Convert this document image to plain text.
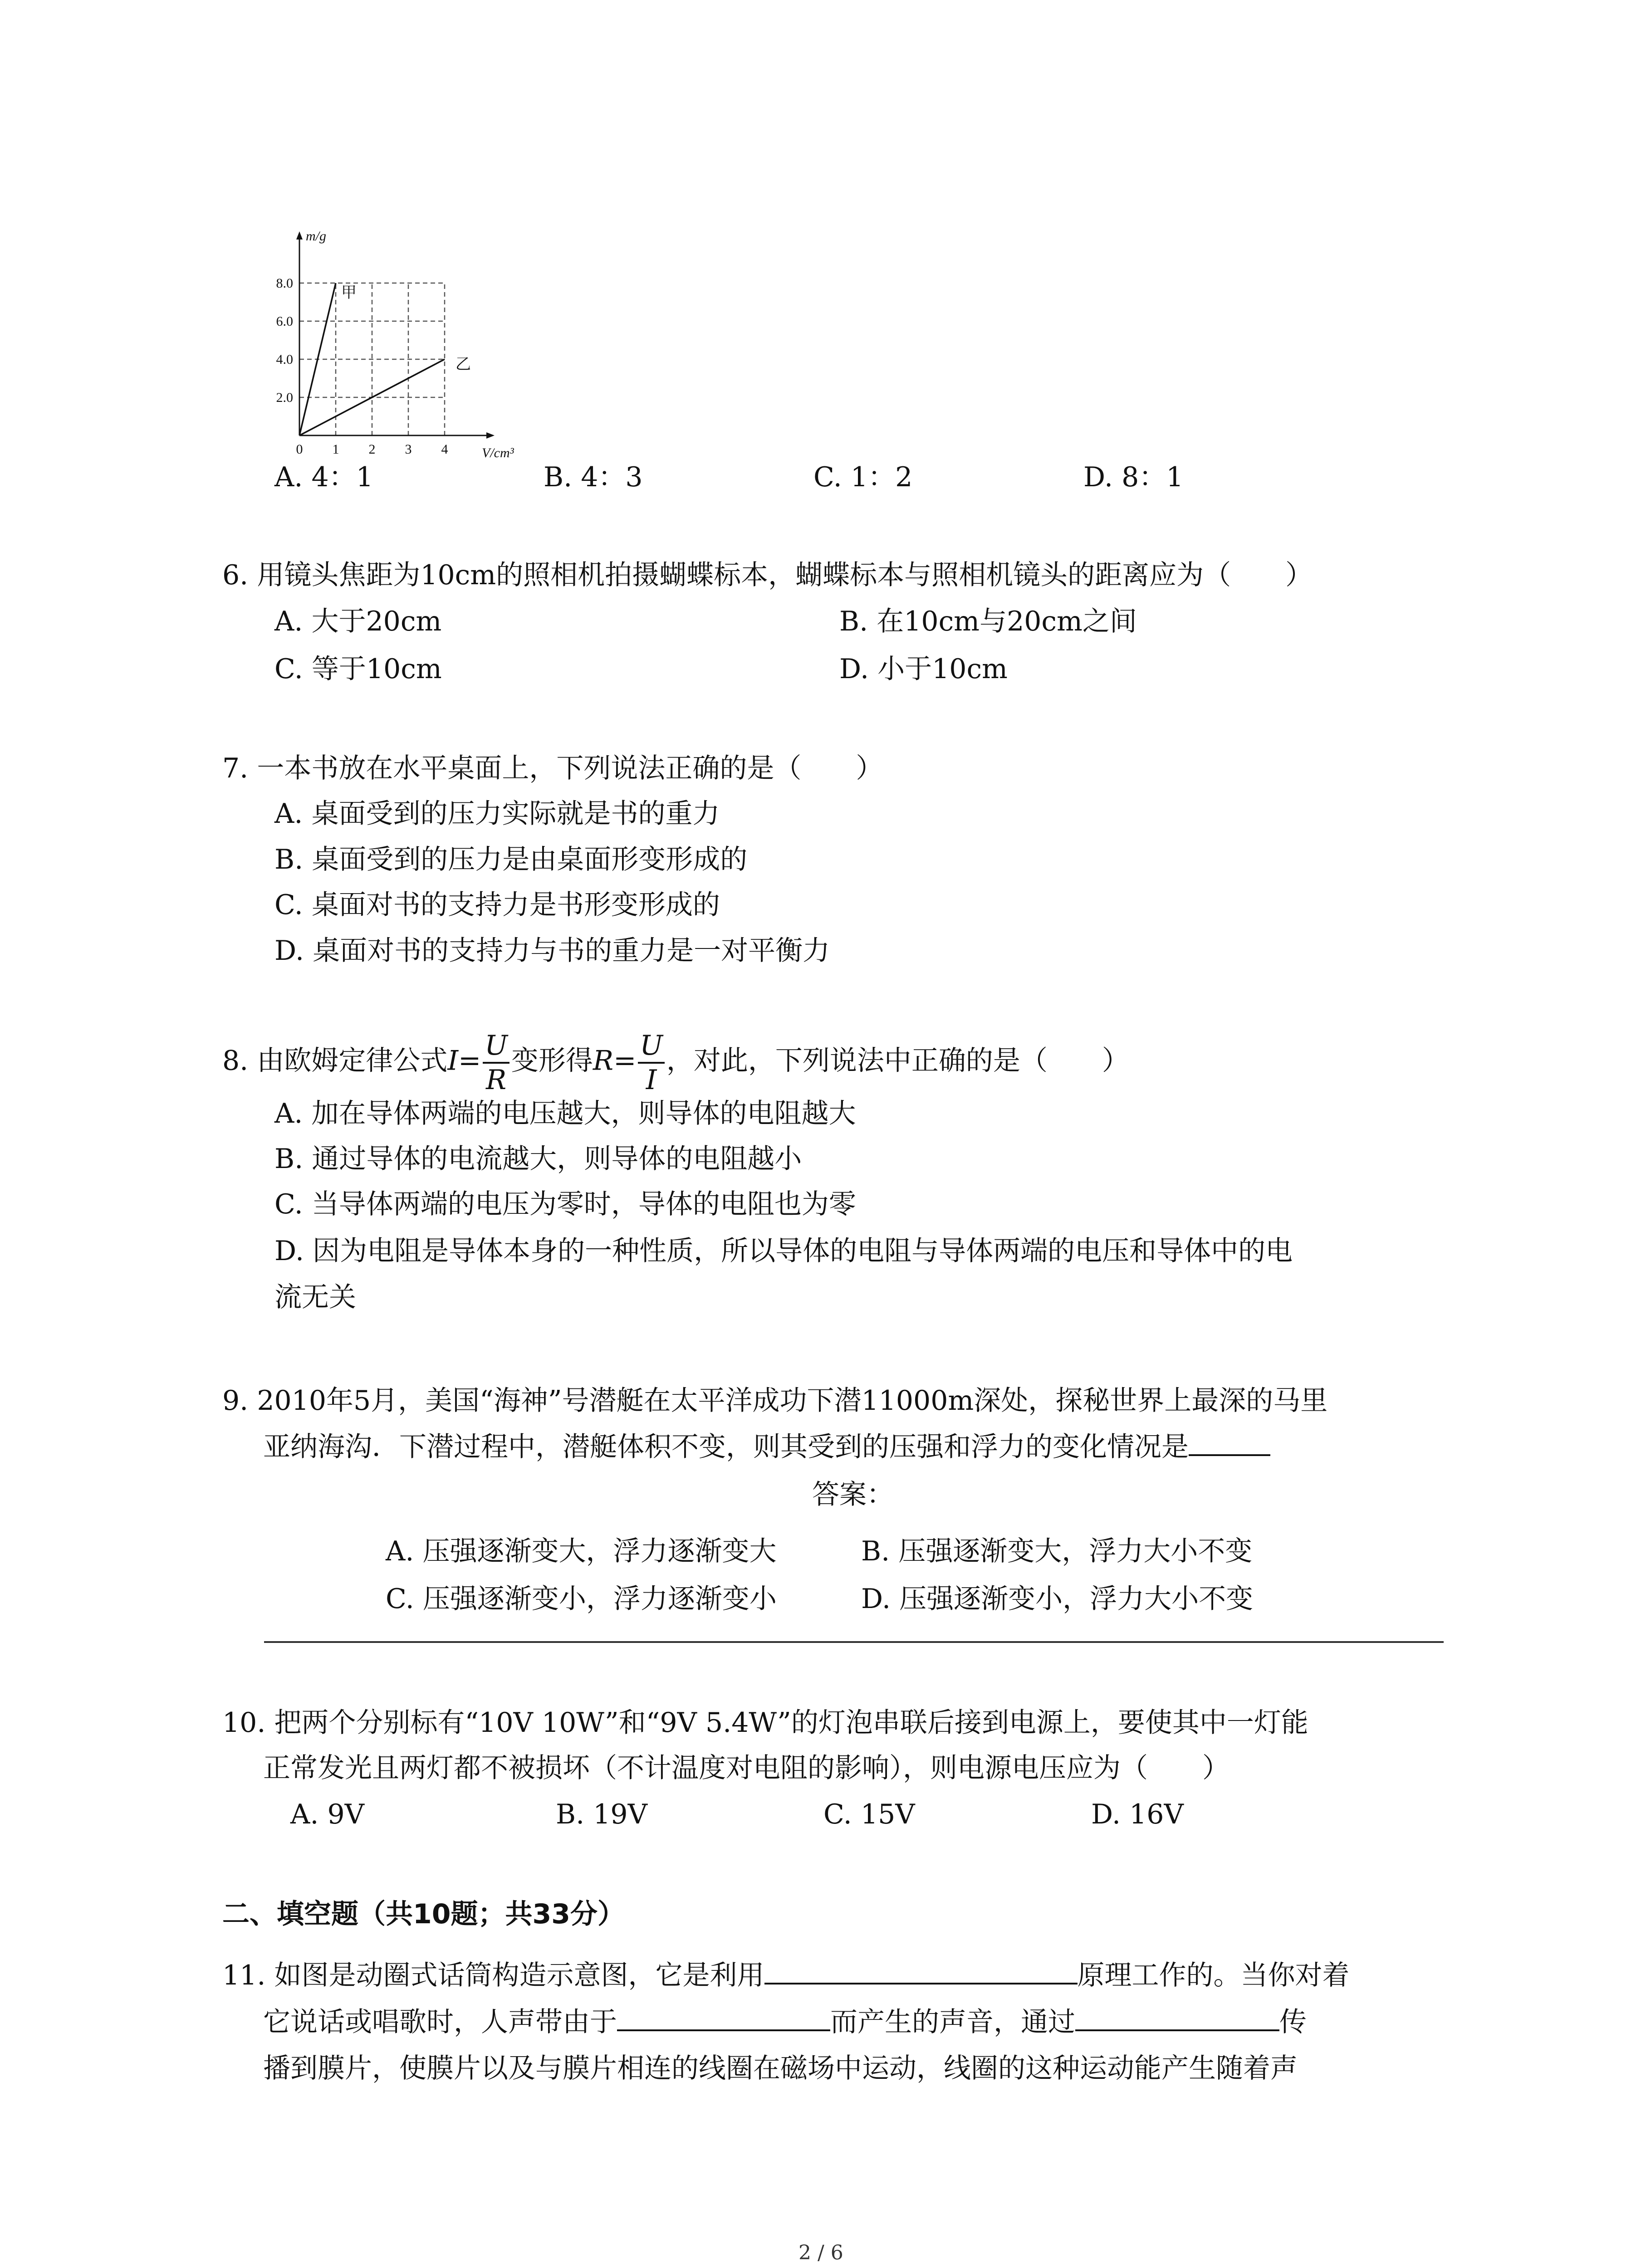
0 1 2 3 4
2.0
4.0
6.0
8.0
V/cm³
m/g
甲
乙
A. 4：1	B. 4：3	C. 1：2	D. 8：1
6. 用镜头焦距为10cm的照相机拍摄蝴蝶标本，蝴蝶标本与照相机镜头的距离应为（　　）
A. 大于20cm	B. 在10cm与20cm之间
C. 等于10cm	D. 小于10cm
7. 一本书放在水平桌面上，下列说法正确的是（　　）
A. 桌面受到的压力实际就是书的重力
B. 桌面受到的压力是由桌面形变形成的
C. 桌面对书的支持力是书形变形成的
D. 桌面对书的支持力与书的重力是一对平衡力
8. 由欧姆定律公式$I= \frac{U}{R}$ 变形得$R= \frac{U}{I}$ ，对此，下列说法中正确的是（　　）
A. 加在导体两端的电压越大，则导体的电阻越大
B. 通过导体的电流越大，则导体的电阻越小
C. 当导体两端的电压为零时，导体的电阻也为零
D. 因为电阻是导体本身的一种性质，所以导体的电阻与导体两端的电压和导体中的电
流无关
9. 2010年5月，美国“海神”号潜艇在太平洋成功下潜11000m深处，探秘世界上最深的马里
亚纳海沟．下潜过程中，潜艇体积不变，则其受到的压强和浮力的变化情况是
答案：
A. 压强逐渐变大，浮力逐渐变大	B. 压强逐渐变大，浮力大小不变
C. 压强逐渐变小，浮力逐渐变小	D. 压强逐渐变小，浮力大小不变
10. 把两个分别标有“10V 10W”和“9V 5.4W”的灯泡串联后接到电源上，要使其中一灯能
正常发光且两灯都不被损坏（不计温度对电阻的影响），则电源电压应为（　　）
A. 9V	B. 19V	C. 15V	D. 16V
二、填空题（共10题；共33分）
11. 如图是动圈式话筒构造示意图，它是利用	原理工作的。当你对着
它说话或唱歌时，人声带由于	而产生的声音，通过	传
播到膜片，使膜片以及与膜片相连的线圈在磁场中运动，线圈的这种运动能产生随着声
2 / 6
